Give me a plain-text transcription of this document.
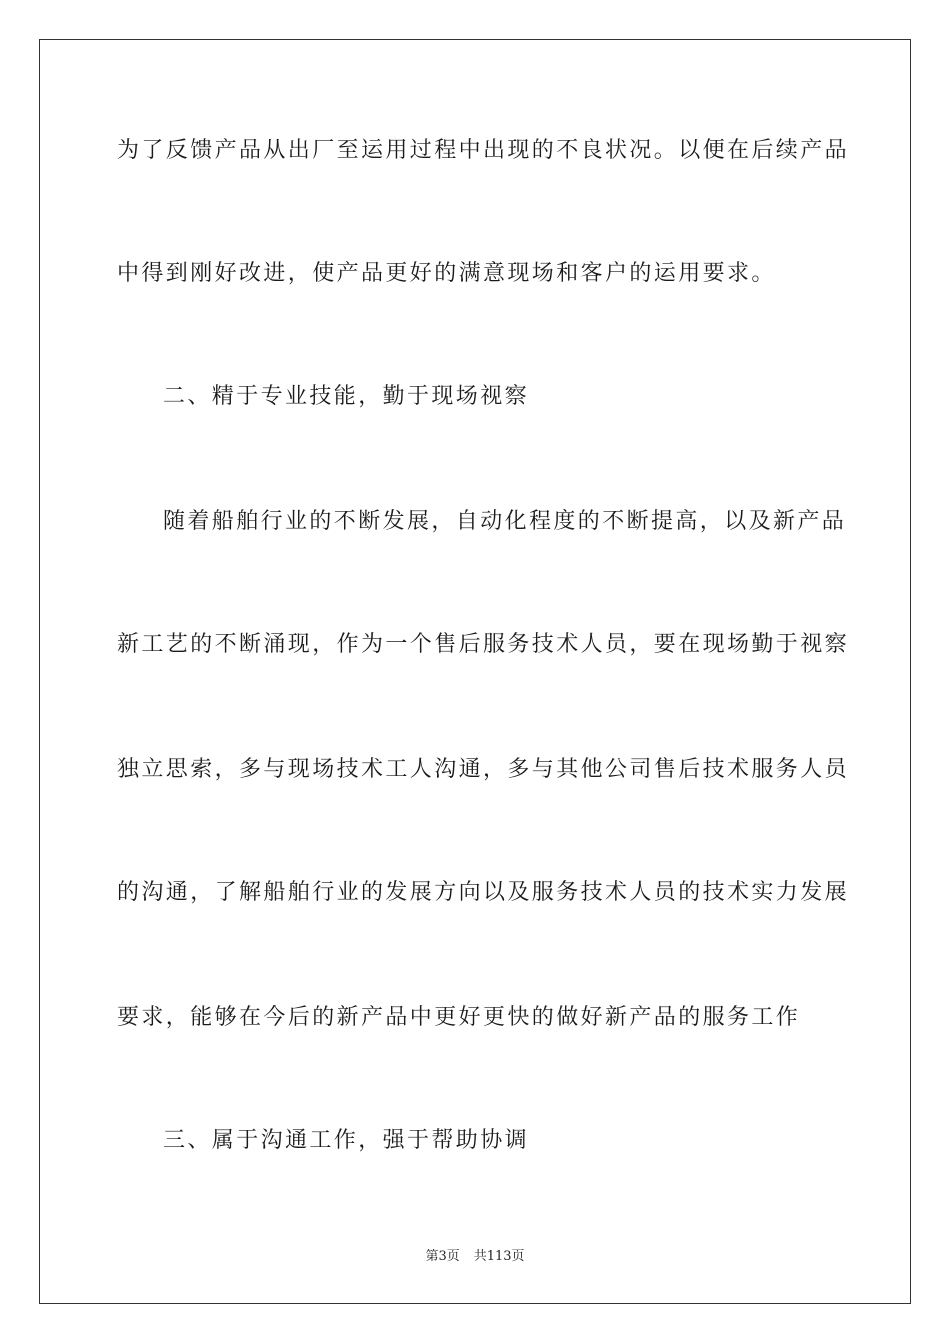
为了反馈产品从出厂至运用过程中出现的不良状况。以便在后续产品
中得到刚好改进，使产品更好的满意现场和客户的运用要求。
二、精于专业技能，勤于现场视察
随着船舶行业的不断发展，自动化程度的不断提高，以及新产品
新工艺的不断涌现，作为一个售后服务技术人员，要在现场勤于视察
独立思索，多与现场技术工人沟通，多与其他公司售后技术服务人员
的沟通，了解船舶行业的发展方向以及服务技术人员的技术实力发展
要求，能够在今后的新产品中更好更快的做好新产品的服务工作
三、属于沟通工作，强于帮助协调
第3页 共113页
